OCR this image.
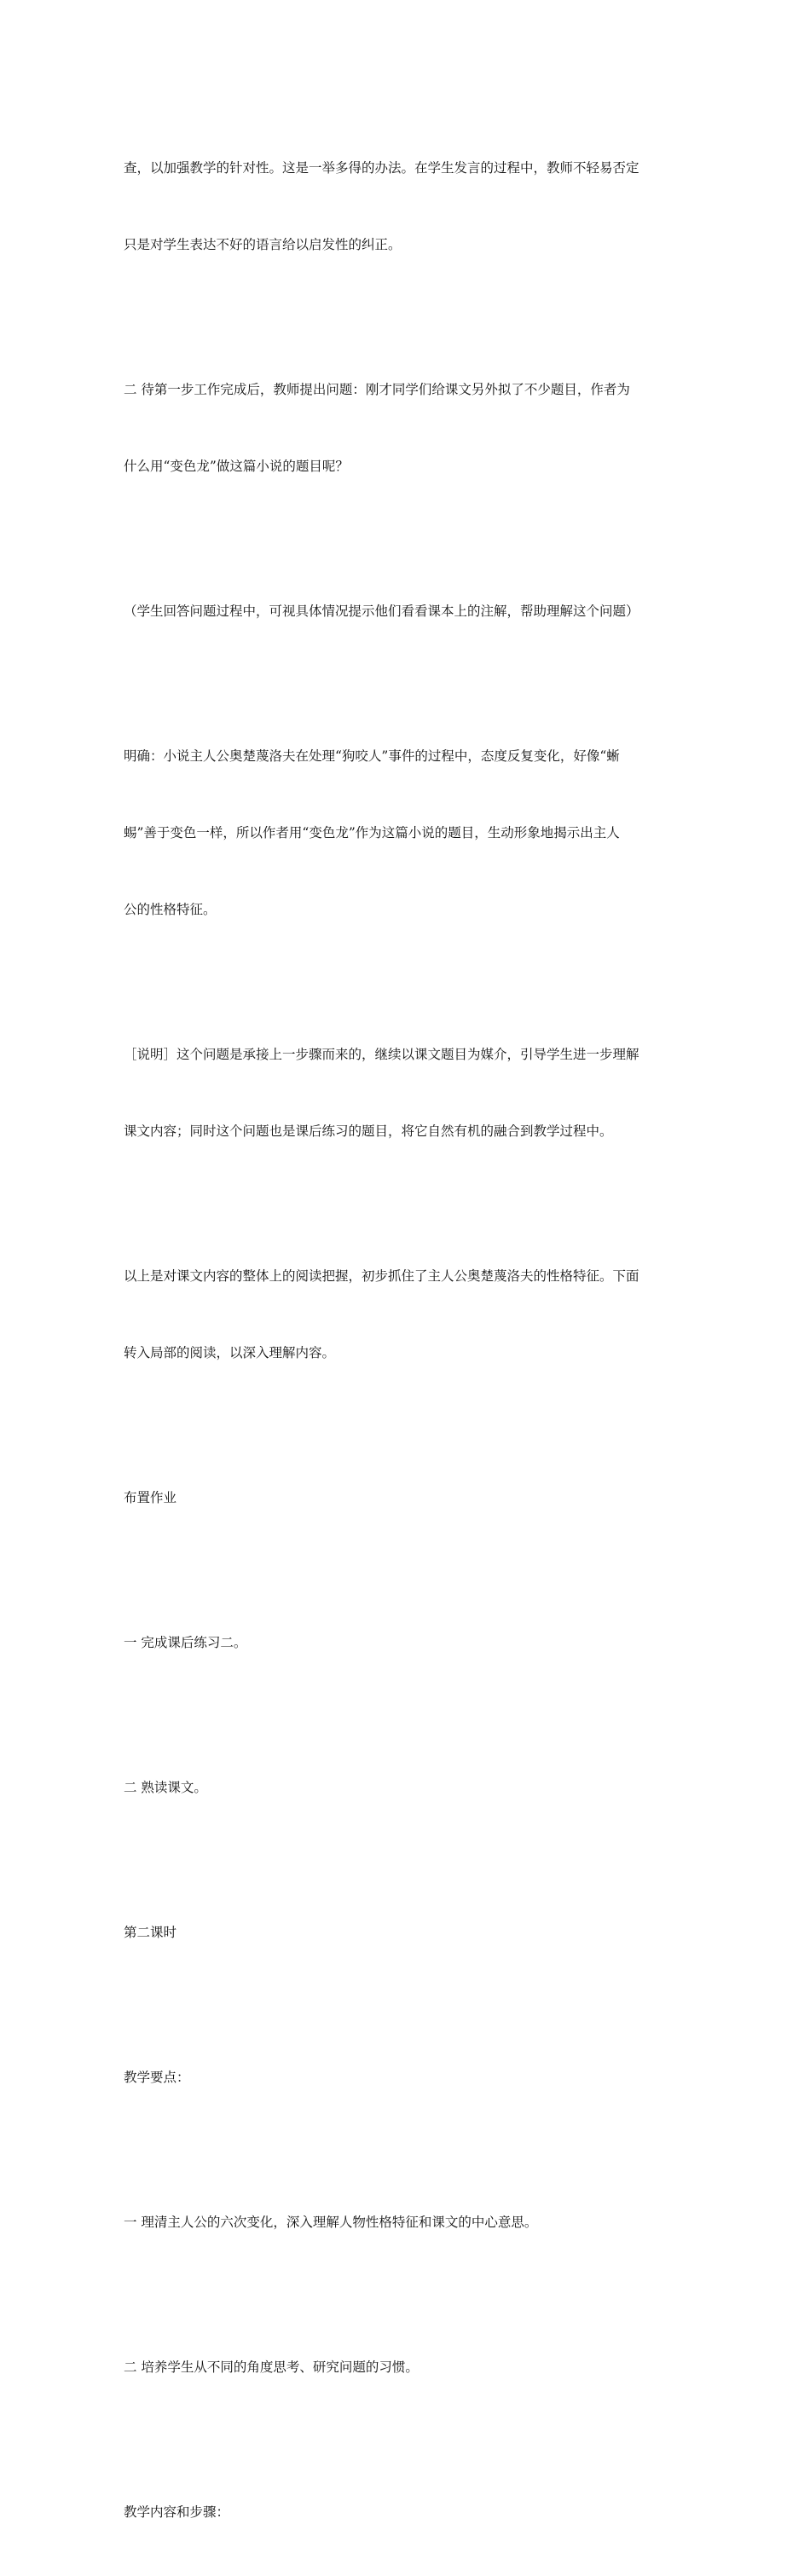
查，以加强教学的针对性。这是一举多得的办法。在学生发言的过程中，教师不轻易否定

只是对学生表达不好的语言给以启发性的纠正。

二 待第一步工作完成后，教师提出问题：刚才同学们给课文另外拟了不少题目，作者为

什么用“变色龙”做这篇小说的题目呢？

（学生回答问题过程中，可视具体情况提示他们看看课本上的注解，帮助理解这个问题）

明确：小说主人公奥楚蔑洛夫在处理“狗咬人”事件的过程中，态度反复变化，好像“蜥

蜴”善于变色一样，所以作者用“变色龙”作为这篇小说的题目，生动形象地揭示出主人

公的性格特征。

［说明］这个问题是承接上一步骤而来的，继续以课文题目为媒介，引导学生进一步理解

课文内容；同时这个问题也是课后练习的题目，将它自然有机的融合到教学过程中。

以上是对课文内容的整体上的阅读把握，初步抓住了主人公奥楚蔑洛夫的性格特征。下面

转入局部的阅读，以深入理解内容。

布置作业

一 完成课后练习二。

二 熟读课文。

第二课时

教学要点：

一 理清主人公的六次变化，深入理解人物性格特征和课文的中心意思。

二 培养学生从不同的角度思考、研究问题的习惯。

教学内容和步骤：
